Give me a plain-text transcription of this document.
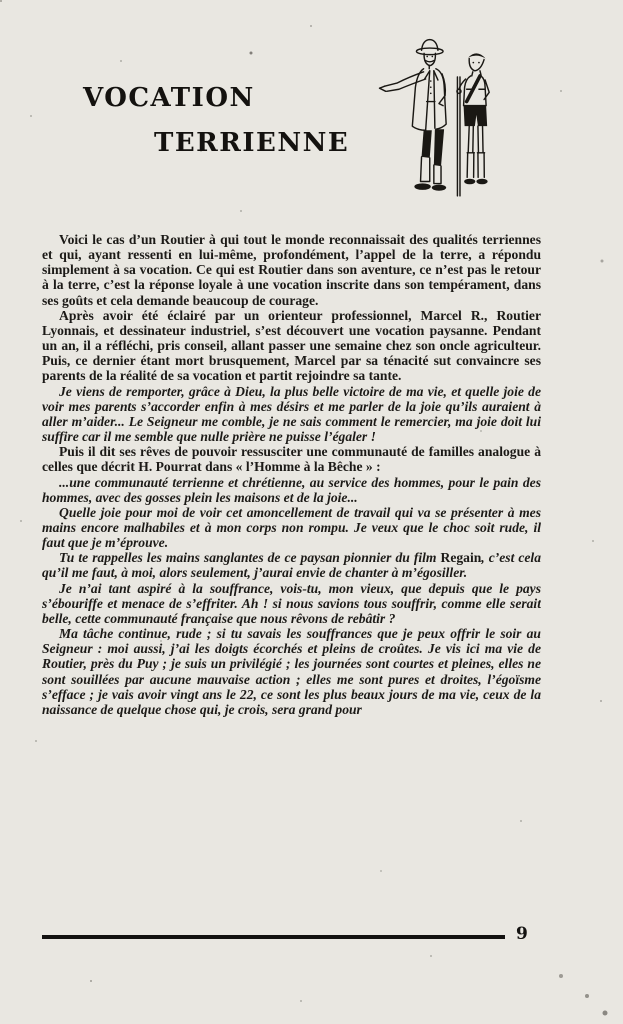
VOCATION
TERRIENNE

Voici le cas d’un Routier à qui tout le monde reconnaissait des qualités terriennes et qui, ayant ressenti en lui-même, profondément, l’appel de la terre, a répondu simplement à sa vocation. Ce qui est Routier dans son aventure, ce n’est pas le retour à la terre, c’est la réponse loyale à une vocation inscrite dans son tempérament, dans ses goûts et cela demande beaucoup de courage.

Après avoir été éclairé par un orienteur professionnel, Marcel R., Routier Lyonnais, et dessinateur industriel, s’est découvert une vocation paysanne. Pendant un an, il a réfléchi, pris conseil, allant passer une semaine chez son oncle agriculteur. Puis, ce dernier étant mort brusquement, Marcel par sa ténacité sut convaincre ses parents de la réalité de sa vocation et partit rejoindre sa tante.

Je viens de remporter, grâce à Dieu, la plus belle victoire de ma vie, et quelle joie de voir mes parents s’accorder enfin à mes désirs et me parler de la joie qu’ils auraient à aller m’aider... Le Seigneur me comble, je ne sais comment le remercier, ma joie doit lui suffire car il me semble que nulle prière ne puisse l’égaler !

Puis il dit ses rêves de pouvoir ressusciter une communauté de familles analogue à celles que décrit H. Pourrat dans « l’Homme à la Bêche » :

...une communauté terrienne et chrétienne, au service des hommes, pour le pain des hommes, avec des gosses plein les maisons et de la joie...

Quelle joie pour moi de voir cet amoncellement de travail qui va se présenter à mes mains encore malhabiles et à mon corps non rompu. Je veux que le choc soit rude, il faut que je m’éprouve.

Tu te rappelles les mains sanglantes de ce paysan pionnier du film Regain, c’est cela qu’il me faut, à moi, alors seulement, j’aurai envie de chanter à m’égosiller.

Je n’ai tant aspiré à la souffrance, vois-tu, mon vieux, que depuis que le pays s’ébouriffe et menace de s’effriter. Ah ! si nous savions tous souffrir, comme elle serait belle, cette communauté française que nous rêvons de rebâtir ?

Ma tâche continue, rude ; si tu savais les souffrances que je peux offrir le soir au Seigneur : moi aussi, j’ai les doigts écorchés et pleins de croûtes. Je vis ici ma vie de Routier, près du Puy ; je suis un privilégié ; les journées sont courtes et pleines, elles ne sont souillées par aucune mauvaise action ; elles me sont pures et droites, l’égoïsme s’efface ; je vais avoir vingt ans le 22, ce sont les plus beaux jours de ma vie, ceux de la naissance de quelque chose qui, je crois, sera grand pour

9
